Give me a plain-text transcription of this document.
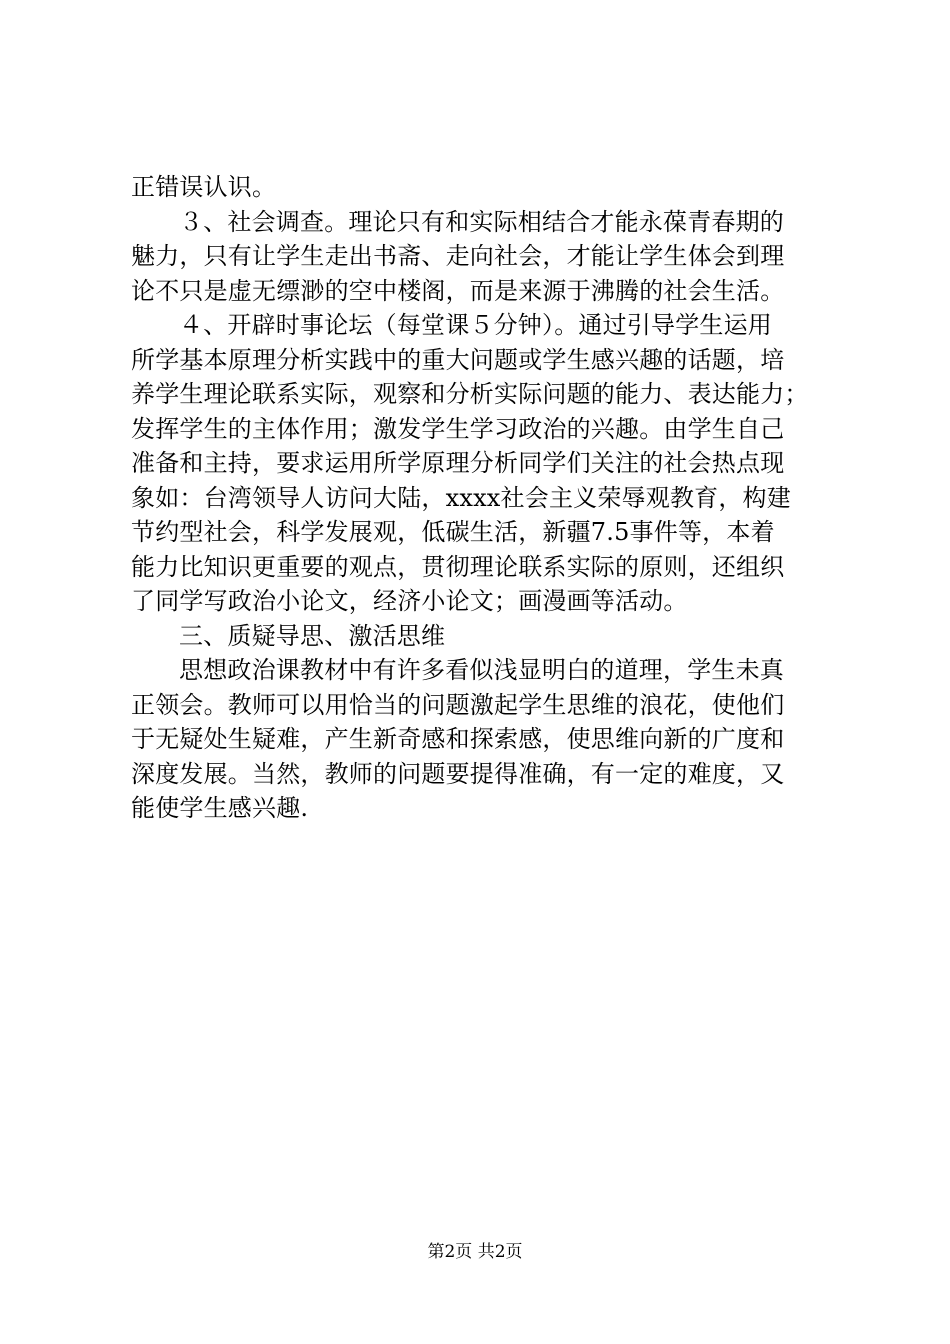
正错误认识。
３、社会调查。理论只有和实际相结合才能永葆青春期的
魅力，只有让学生走出书斋、走向社会，才能让学生体会到理
论不只是虚无缥渺的空中楼阁，而是来源于沸腾的社会生活。
４、开辟时事论坛（每堂课５分钟）。通过引导学生运用
所学基本原理分析实践中的重大问题或学生感兴趣的话题，培
养学生理论联系实际，观察和分析实际问题的能力、表达能力；
发挥学生的主体作用；激发学生学习政治的兴趣。由学生自己
准备和主持，要求运用所学原理分析同学们关注的社会热点现
象如：台湾领导人访问大陆，xxxx社会主义荣辱观教育，构建
节约型社会，科学发展观，低碳生活，新疆7.5事件等，本着
能力比知识更重要的观点，贯彻理论联系实际的原则，还组织
了同学写政治小论文，经济小论文；画漫画等活动。
三、质疑导思、激活思维
思想政治课教材中有许多看似浅显明白的道理，学生未真
正领会。教师可以用恰当的问题激起学生思维的浪花，使他们
于无疑处生疑难，产生新奇感和探索感，使思维向新的广度和
深度发展。当然，教师的问题要提得准确，有一定的难度，又
能使学生感兴趣.
第2页 共2页
